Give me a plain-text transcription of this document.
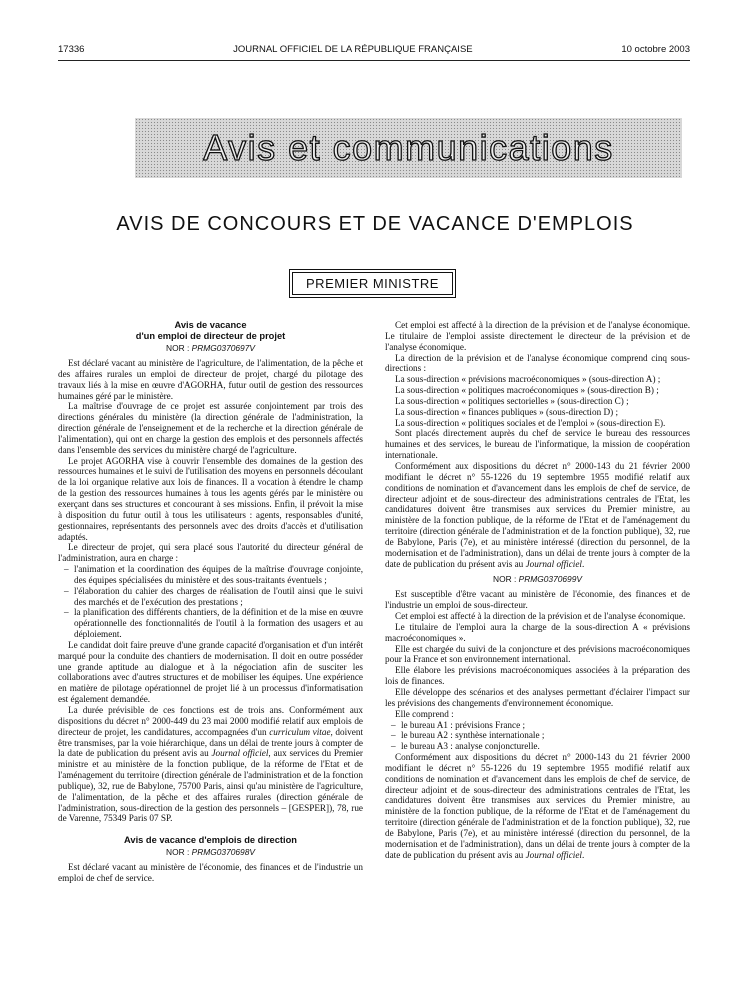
17336	JOURNAL OFFICIEL DE LA RÉPUBLIQUE FRANÇAISE	10 octobre 2003
Avis et communications
AVIS DE CONCOURS ET DE VACANCE D'EMPLOIS
PREMIER MINISTRE

Avis de vacance

d'un emploi de directeur de projet

NOR : PRMG0370697V

Est déclaré vacant au ministère de l'agriculture, de l'alimentation, de la pêche et des affaires rurales un emploi de directeur de projet, chargé du pilotage des travaux liés à la mise en œuvre d'AGORHA, futur outil de gestion des ressources humaines géré par le ministère.

La maîtrise d'ouvrage de ce projet est assurée conjointement par trois des directions générales du ministère (la direction générale de l'administration, la direction générale de l'enseignement et de la recherche et la direction générale de l'alimentation), qui ont en charge la gestion des emplois et des personnels affectés dans l'ensemble des services du ministère chargé de l'agriculture.

Le projet AGORHA vise à couvrir l'ensemble des domaines de la gestion des ressources humaines et le suivi de l'utilisation des moyens en personnels découlant de la loi organique relative aux lois de finances. Il a vocation à étendre le champ de la gestion des ressources humaines à tous les agents gérés par le ministère ou exerçant dans ses structures et concourant à ses missions. Enfin, il prévoit la mise à disposition du futur outil à tous les utilisateurs : agents, responsables d'unité, gestionnaires, représentants des personnels avec des droits d'accès et d'utilisation adaptés.

Le directeur de projet, qui sera placé sous l'autorité du directeur général de l'administration, aura en charge :

– l'animation et la coordination des équipes de la maîtrise d'ouvrage conjointe, des équipes spécialisées du ministère et des sous-traitants éventuels ;

– l'élaboration du cahier des charges de réalisation de l'outil ainsi que le suivi des marchés et de l'exécution des prestations ;

– la planification des différents chantiers, de la définition et de la mise en œuvre opérationnelle des fonctionnalités de l'outil à la formation des usagers et au déploiement.

Le candidat doit faire preuve d'une grande capacité d'organisation et d'un intérêt marqué pour la conduite des chantiers de modernisation. Il doit en outre posséder une grande aptitude au dialogue et à la négociation afin de susciter les collaborations avec d'autres structures et de mobiliser les équipes. Une expérience en matière de pilotage opérationnel de projet lié à un processus d'informatisation est également demandée.

La durée prévisible de ces fonctions est de trois ans. Conformément aux dispositions du décret n° 2000-449 du 23 mai 2000 modifié relatif aux emplois de directeur de projet, les candidatures, accompagnées d'un curriculum vitae, doivent être transmises, par la voie hiérarchique, dans un délai de trente jours à compter de la date de publication du présent avis au Journal officiel, aux services du Premier ministre et au ministère de la fonction publique, de la réforme de l'Etat et de l'aménagement du territoire (direction générale de l'administration et de la fonction publique), 32, rue de Babylone, 75700 Paris, ainsi qu'au ministère de l'agriculture, de l'alimentation, de la pêche et des affaires rurales (direction générale de l'administration, sous-direction de la gestion des personnels – [GESPER]), 78, rue de Varenne, 75349 Paris 07 SP.

Avis de vacance d'emplois de direction

NOR : PRMG0370698V

Est déclaré vacant au ministère de l'économie, des finances et de l'industrie un emploi de chef de service.

Cet emploi est affecté à la direction de la prévision et de l'analyse économique. Le titulaire de l'emploi assiste directement le directeur de la prévision et de l'analyse économique.

La direction de la prévision et de l'analyse économique comprend cinq sous-directions :

La sous-direction « prévisions macroéconomiques » (sous-direction A) ;

La sous-direction « politiques macroéconomiques » (sous-direction B) ;

La sous-direction « politiques sectorielles » (sous-direction C) ;

La sous-direction « finances publiques » (sous-direction D) ;

La sous-direction « politiques sociales et de l'emploi » (sous-direction E).

Sont placés directement auprès du chef de service le bureau des ressources humaines et des services, le bureau de l'informatique, la mission de coopération internationale.

Conformément aux dispositions du décret n° 2000-143 du 21 février 2000 modifiant le décret n° 55-1226 du 19 septembre 1955 modifié relatif aux conditions de nomination et d'avancement dans les emplois de chef de service, de directeur adjoint et de sous-directeur des administrations centrales de l'Etat, les candidatures doivent être transmises aux services du Premier ministre, au ministère de la fonction publique, de la réforme de l'Etat et de l'aménagement du territoire (direction générale de l'administration et de la fonction publique), 32, rue de Babylone, Paris (7e), et au ministère intéressé (direction du personnel, de la modernisation et de l'administration), dans un délai de trente jours à compter de la date de publication du présent avis au Journal officiel.

NOR : PRMG0370699V

Est susceptible d'être vacant au ministère de l'économie, des finances et de l'industrie un emploi de sous-directeur.

Cet emploi est affecté à la direction de la prévision et de l'analyse économique.

Le titulaire de l'emploi aura la charge de la sous-direction A « prévisions macroéconomiques ».

Elle est chargée du suivi de la conjoncture et des prévisions macroéconomiques pour la France et son environnement international.

Elle élabore les prévisions macroéconomiques associées à la préparation des lois de finances.

Elle développe des scénarios et des analyses permettant d'éclairer l'impact sur les prévisions des changements d'environnement économique.

Elle comprend :

– le bureau A1 : prévisions France ;

– le bureau A2 : synthèse internationale ;

– le bureau A3 : analyse conjoncturelle.

Conformément aux dispositions du décret n° 2000-143 du 21 février 2000 modifiant le décret n° 55-1226 du 19 septembre 1955 modifié relatif aux conditions de nomination et d'avancement dans les emplois de chef de service, de directeur adjoint et de sous-directeur des administrations centrales de l'Etat, les candidatures doivent être transmises aux services du Premier ministre, au ministère de la fonction publique, de la réforme de l'Etat et de l'aménagement du territoire (direction générale de l'administration et de la fonction publique), 32, rue de Babylone, Paris (7e), et au ministère intéressé (direction du personnel, de la modernisation et de l'administration), dans un délai de trente jours à compter de la date de publication du présent avis au Journal officiel.
